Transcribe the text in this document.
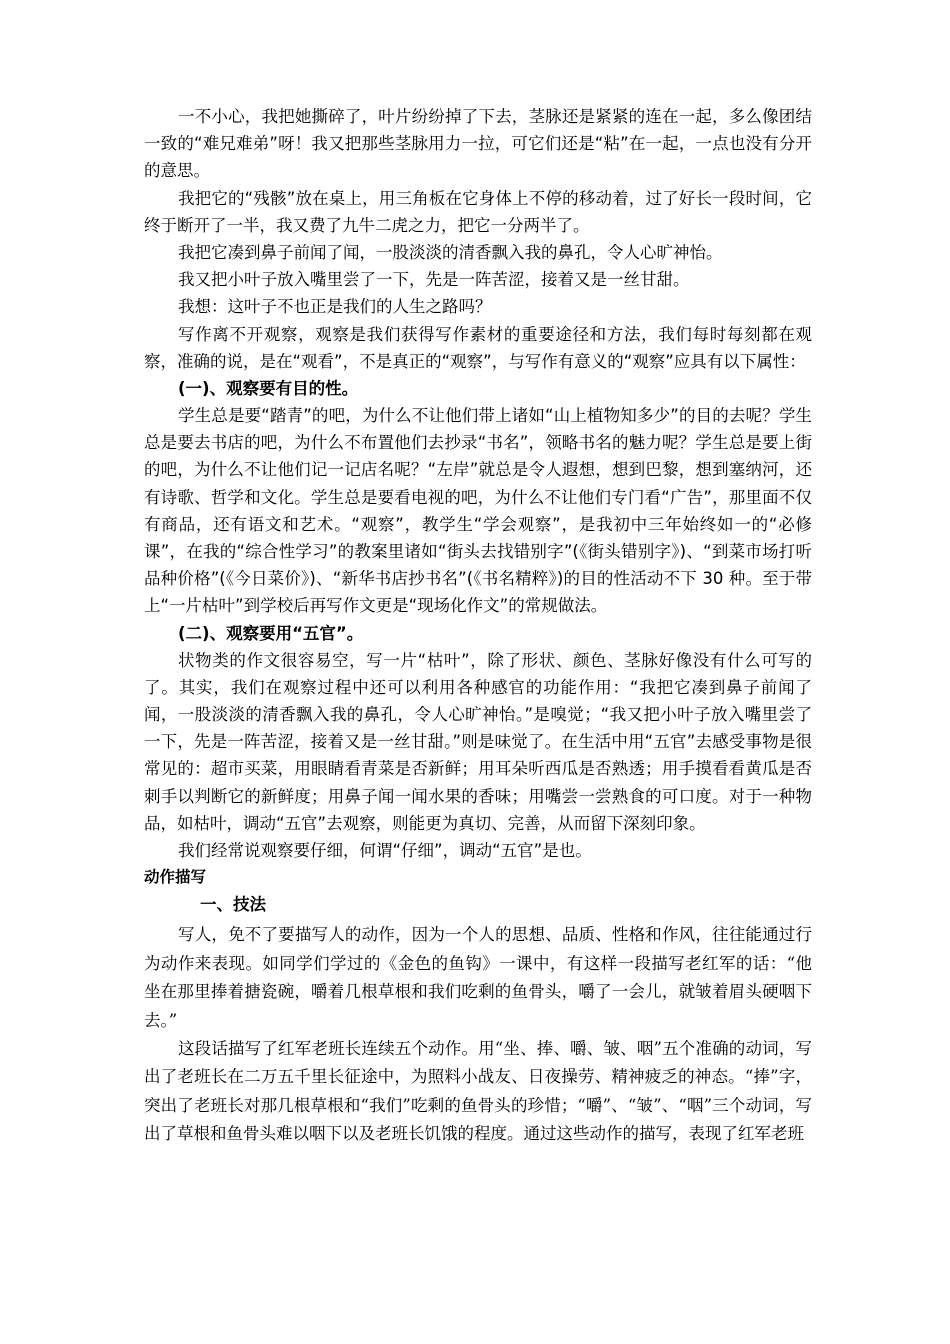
一不小心，我把她撕碎了，叶片纷纷掉了下去，茎脉还是紧紧的连在一起，多么像团结一致的“难兄难弟”呀！我又把那些茎脉用力一拉，可它们还是“粘”在一起，一点也没有分开的意思。

我把它的“残骸”放在桌上，用三角板在它身体上不停的移动着，过了好长一段时间，它终于断开了一半，我又费了九牛二虎之力，把它一分两半了。

我把它凑到鼻子前闻了闻，一股淡淡的清香飘入我的鼻孔，令人心旷神怡。

我又把小叶子放入嘴里尝了一下，先是一阵苦涩，接着又是一丝甘甜。

我想：这叶子不也正是我们的人生之路吗？

写作离不开观察，观察是我们获得写作素材的重要途径和方法，我们每时每刻都在观察，准确的说，是在“观看”，不是真正的“观察”，与写作有意义的“观察”应具有以下属性：

(一)、观察要有目的性。

学生总是要“踏青”的吧，为什么不让他们带上诸如“山上植物知多少”的目的去呢？学生总是要去书店的吧，为什么不布置他们去抄录“书名”，领略书名的魅力呢？学生总是要上街的吧，为什么不让他们记一记店名呢？“左岸”就总是令人遐想，想到巴黎，想到塞纳河，还有诗歌、哲学和文化。学生总是要看电视的吧，为什么不让他们专门看“广告”，那里面不仅有商品，还有语文和艺术。“观察”，教学生“学会观察”，是我初中三年始终如一的“必修课”，在我的“综合性学习”的教案里诸如“街头去找错别字”(《街头错别字》)、“到菜市场打听品种价格”(《今日菜价》)、“新华书店抄书名”(《书名精粹》)的目的性活动不下 30 种。至于带上“一片枯叶”到学校后再写作文更是“现场化作文”的常规做法。

(二)、观察要用“五官”。

状物类的作文很容易空，写一片“枯叶”，除了形状、颜色、茎脉好像没有什么可写的了。其实，我们在观察过程中还可以利用各种感官的功能作用：“我把它凑到鼻子前闻了闻，一股淡淡的清香飘入我的鼻孔，令人心旷神怡。”是嗅觉；“我又把小叶子放入嘴里尝了一下，先是一阵苦涩，接着又是一丝甘甜。”则是味觉了。在生活中用“五官”去感受事物是很常见的：超市买菜，用眼睛看青菜是否新鲜；用耳朵听西瓜是否熟透；用手摸看看黄瓜是否刺手以判断它的新鲜度；用鼻子闻一闻水果的香味；用嘴尝一尝熟食的可口度。对于一种物品，如枯叶，调动“五官”去观察，则能更为真切、完善，从而留下深刻印象。

我们经常说观察要仔细，何谓“仔细”，调动“五官”是也。

动作描写

一、技法

写人，免不了要描写人的动作，因为一个人的思想、品质、性格和作风，往往能通过行为动作来表现。如同学们学过的《金色的鱼钩》一课中，有这样一段描写老红军的话：“他坐在那里捧着搪瓷碗，嚼着几根草根和我们吃剩的鱼骨头，嚼了一会儿，就皱着眉头硬咽下去。”

这段话描写了红军老班长连续五个动作。用“坐、捧、嚼、皱、咽”五个准确的动词，写出了老班长在二万五千里长征途中，为照料小战友、日夜操劳、精神疲乏的神态。“捧”字，突出了老班长对那几根草根和“我们”吃剩的鱼骨头的珍惜；“嚼”、“皱”、“咽”三个动词，写出了草根和鱼骨头难以咽下以及老班长饥饿的程度。通过这些动作的描写，表现了红军老班
